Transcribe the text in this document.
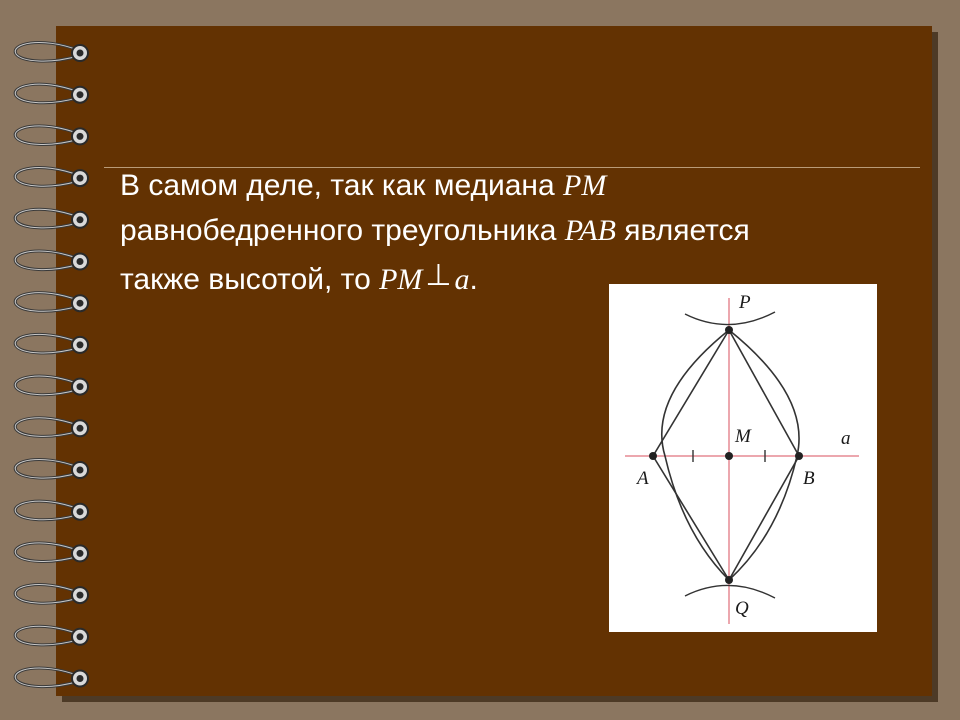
В самом деле, так как медиана PM
равнобедренного треугольника PAB является
также высотой, то PM⊥a.
P
Q
M
A	B
a
